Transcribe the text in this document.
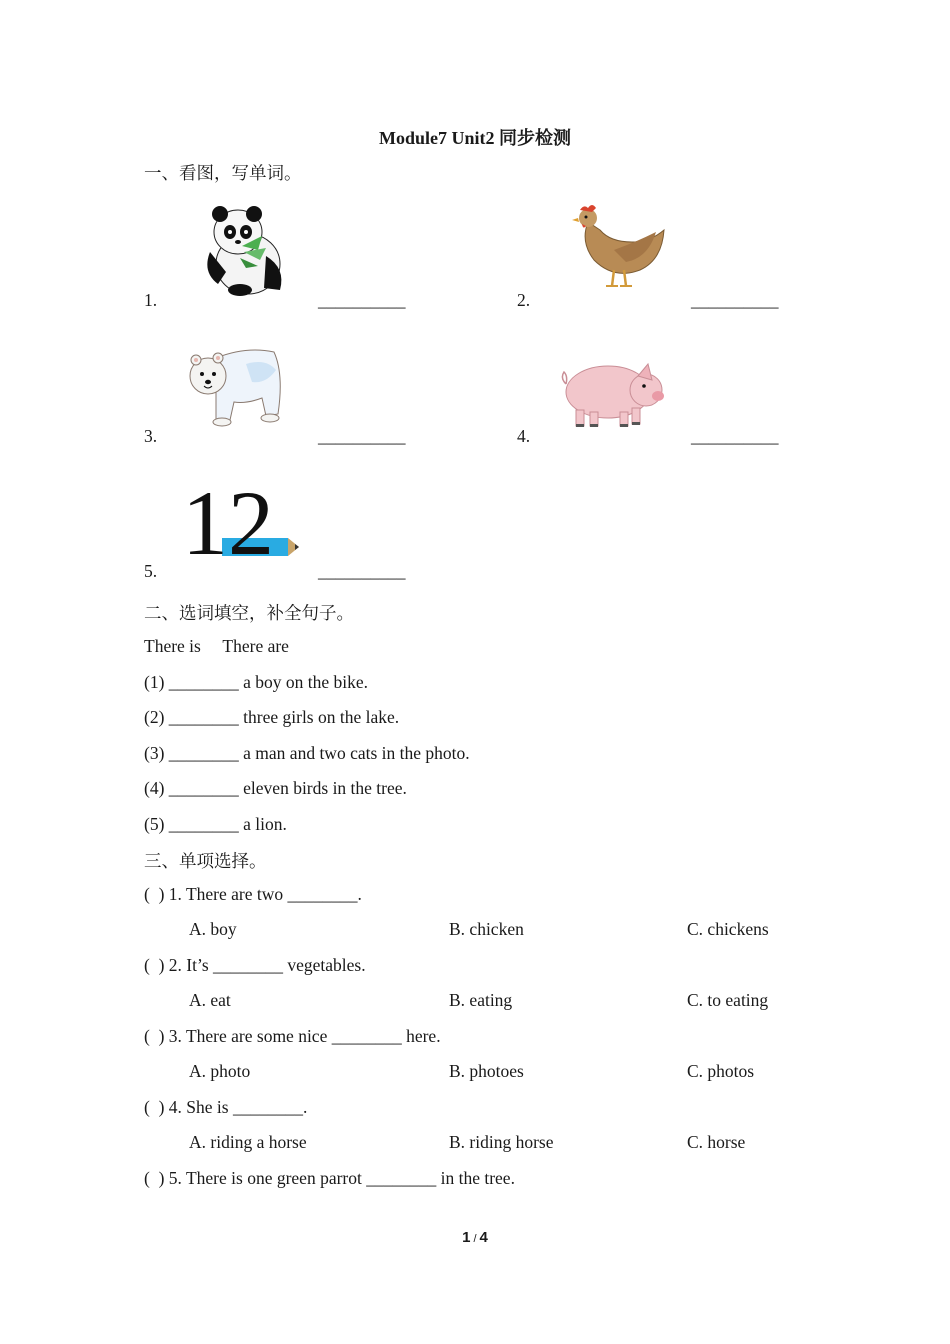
Module7 Unit2 同步检测
一、看图，写单词。
1.	__________	2.	__________
3.	__________	4.	__________
5. 12	__________
二、选词填空，补全句子。
There is     There are
(1) ________ a boy on the bike.
(2) ________ three girls on the lake.
(3) ________ a man and two cats in the photo.
(4) ________ eleven birds in the tree.
(5) ________ a lion.
三、单项选择。
(  ) 1. There are two ________.
A. boy	B. chicken	C. chickens
(  ) 2. It’s ________ vegetables.
A. eat	B. eating	C. to eating
(  ) 3. There are some nice ________ here.
A. photo	B. photoes	C. photos
(  ) 4. She is ________.
A. riding a horse	B. riding horse	C. horse
(  ) 5. There is one green parrot ________ in the tree.
1 / 4
